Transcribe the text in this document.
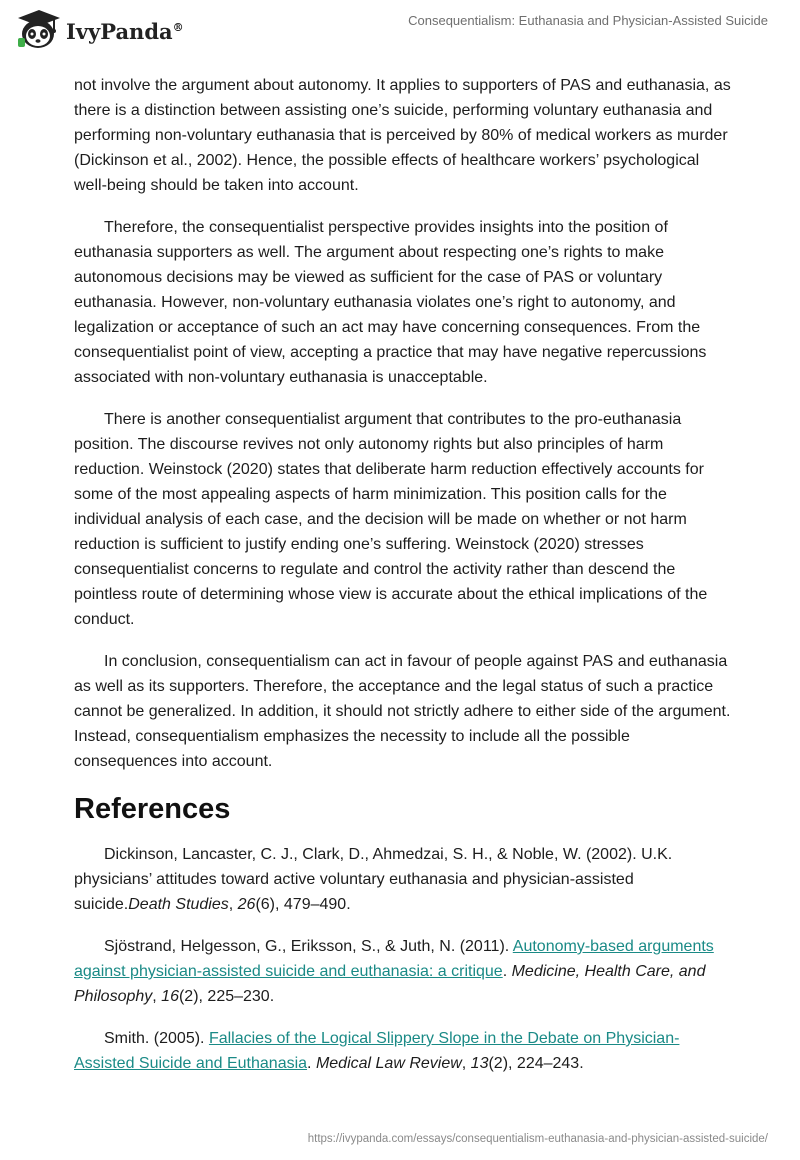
IvyPanda®	Consequentialism: Euthanasia and Physician-Assisted Suicide

not involve the argument about autonomy. It applies to supporters of PAS and euthanasia, as there is a distinction between assisting one’s suicide, performing voluntary euthanasia and performing non-voluntary euthanasia that is perceived by 80% of medical workers as murder (Dickinson et al., 2002). Hence, the possible effects of healthcare workers’ psychological well-being should be taken into account.

Therefore, the consequentialist perspective provides insights into the position of euthanasia supporters as well. The argument about respecting one’s rights to make autonomous decisions may be viewed as sufficient for the case of PAS or voluntary euthanasia. However, non-voluntary euthanasia violates one’s right to autonomy, and legalization or acceptance of such an act may have concerning consequences. From the consequentialist point of view, accepting a practice that may have negative repercussions associated with non-voluntary euthanasia is unacceptable.

There is another consequentialist argument that contributes to the pro-euthanasia position. The discourse revives not only autonomy rights but also principles of harm reduction. Weinstock (2020) states that deliberate harm reduction effectively accounts for some of the most appealing aspects of harm minimization. This position calls for the individual analysis of each case, and the decision will be made on whether or not harm reduction is sufficient to justify ending one’s suffering. Weinstock (2020) stresses consequentialist concerns to regulate and control the activity rather than descend the pointless route of determining whose view is accurate about the ethical implications of the conduct.

In conclusion, consequentialism can act in favour of people against PAS and euthanasia as well as its supporters. Therefore, the acceptance and the legal status of such a practice cannot be generalized. In addition, it should not strictly adhere to either side of the argument. Instead, consequentialism emphasizes the necessity to include all the possible consequences into account.

References

Dickinson, Lancaster, C. J., Clark, D., Ahmedzai, S. H., & Noble, W. (2002). U.K. physicians’ attitudes toward active voluntary euthanasia and physician-assisted suicide.Death Studies, 26(6), 479–490.

Sjöstrand, Helgesson, G., Eriksson, S., & Juth, N. (2011). Autonomy-based arguments against physician-assisted suicide and euthanasia: a critique. Medicine, Health Care, and Philosophy, 16(2), 225–230.

Smith. (2005). Fallacies of the Logical Slippery Slope in the Debate on Physician-Assisted Suicide and Euthanasia. Medical Law Review, 13(2), 224–243.

https://ivypanda.com/essays/consequentialism-euthanasia-and-physician-assisted-suicide/
